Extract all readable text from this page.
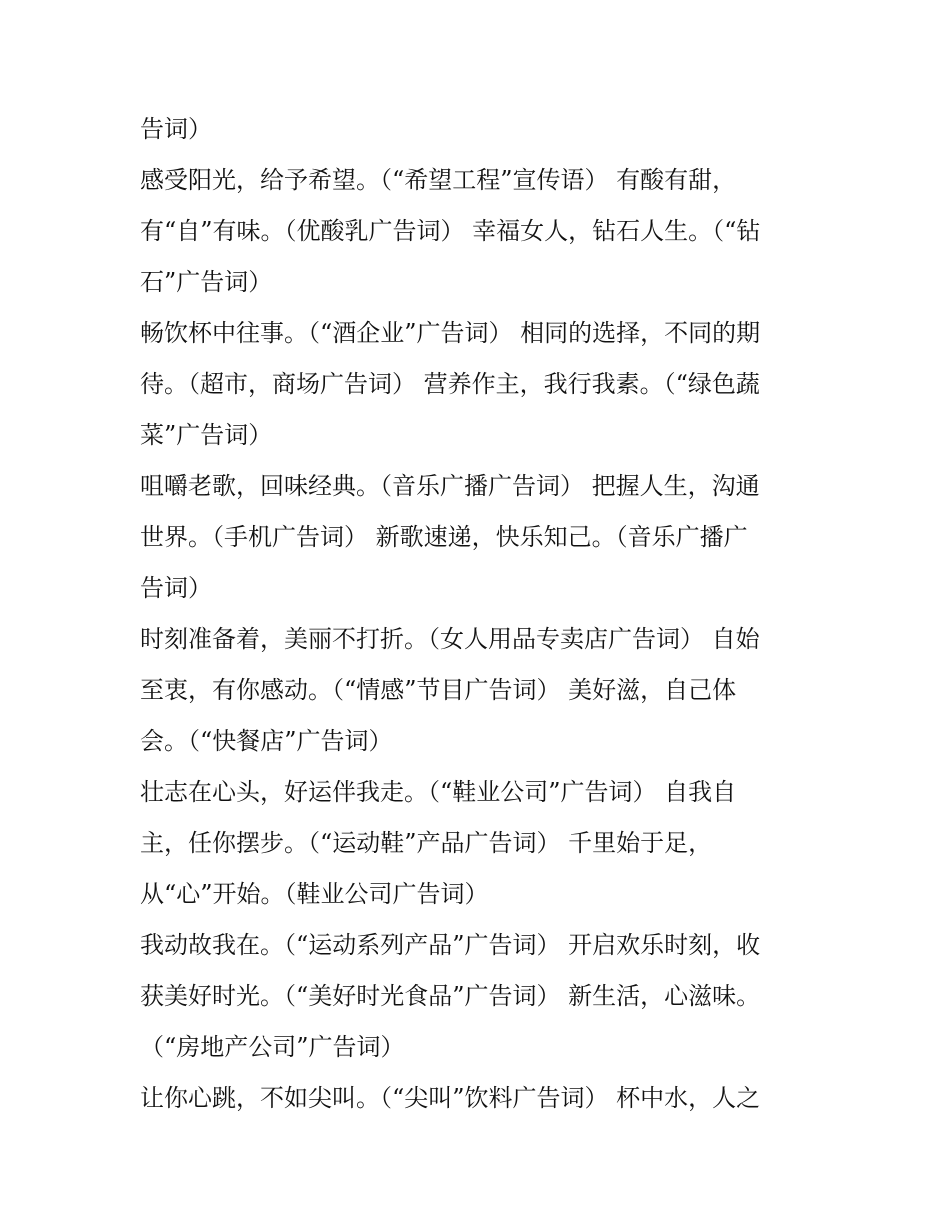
告词）
感受阳光，给予希望。（“希望工程”宣传语） 有酸有甜，
有“自”有味。（优酸乳广告词） 幸福女人，钻石人生。（“钻
石”广告词）
畅饮杯中往事。（“酒企业”广告词） 相同的选择，不同的期
待。（超市，商场广告词） 营养作主，我行我素。（“绿色蔬
菜”广告词）
咀嚼老歌，回味经典。（音乐广播广告词） 把握人生，沟通
世界。（手机广告词） 新歌速递，快乐知己。（音乐广播广
告词）
时刻准备着，美丽不打折。（女人用品专卖店广告词） 自始
至衷，有你感动。（“情感”节目广告词） 美好滋，自己体
会。（“快餐店”广告词）
壮志在心头，好运伴我走。（“鞋业公司”广告词） 自我自
主，任你摆步。（“运动鞋”产品广告词） 千里始于足，
从“心”开始。（鞋业公司广告词）
我动故我在。（“运动系列产品”广告词） 开启欢乐时刻，收
获美好时光。（“美好时光食品”广告词） 新生活，心滋味。
（“房地产公司”广告词）
让你心跳，不如尖叫。（“尖叫”饮料广告词） 杯中水，人之
